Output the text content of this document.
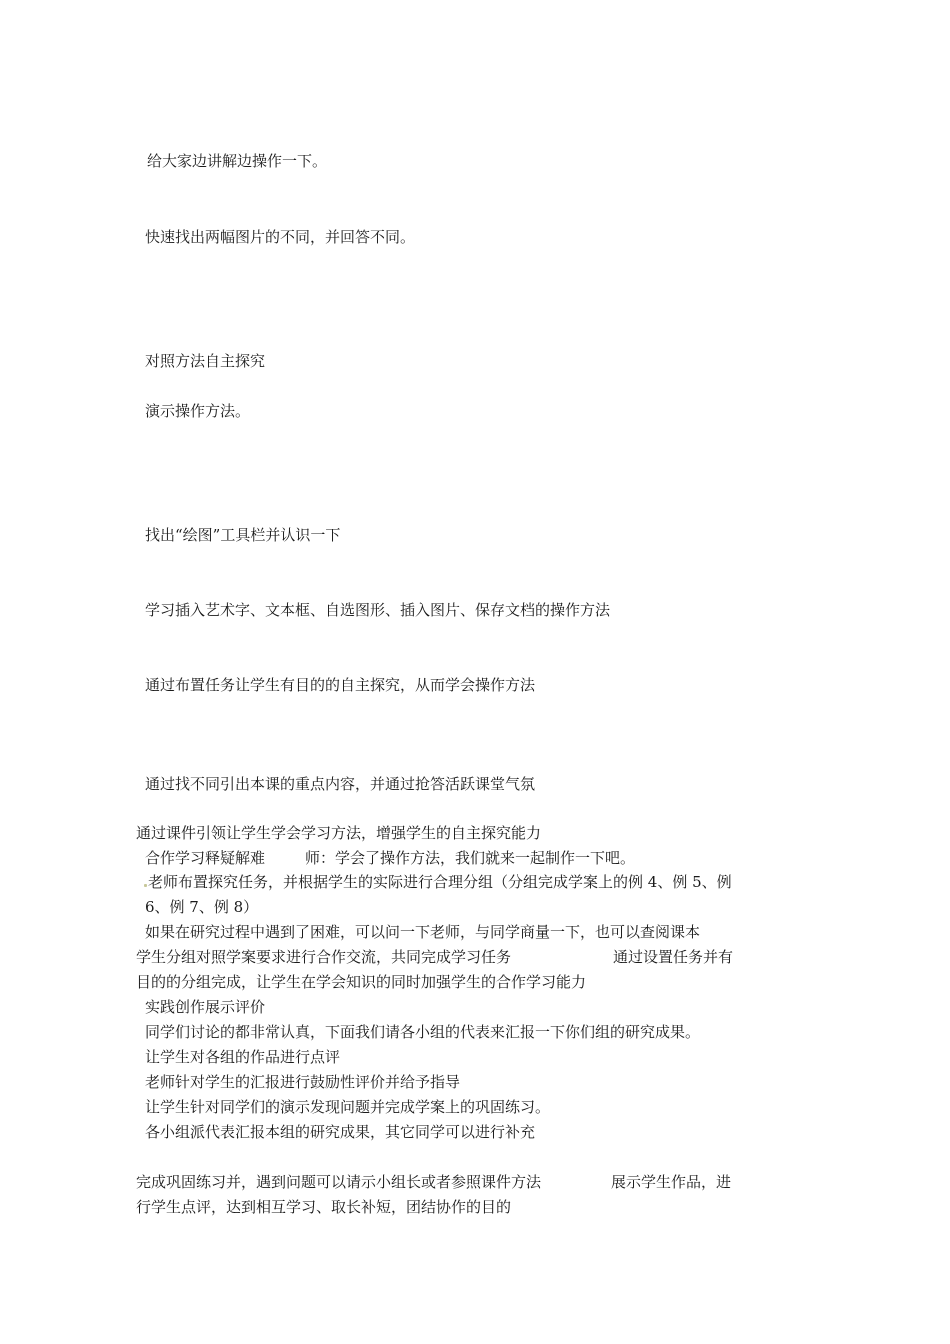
给大家边讲解边操作一下。
快速找出两幅图片的不同，并回答不同。
对照方法自主探究
演示操作方法。
找出“绘图”工具栏并认识一下
学习插入艺术字、文本框、自选图形、插入图片、保存文档的操作方法
通过布置任务让学生有目的的自主探究，从而学会操作方法
通过找不同引出本课的重点内容，并通过抢答活跃课堂气氛
通过课件引领让学生学会学习方法，增强学生的自主探究能力
合作学习释疑解难	师：学会了操作方法，我们就来一起制作一下吧。
老师布置探究任务，并根据学生的实际进行合理分组（分组完成学案上的例 4、例 5、例
6、例 7、例 8）
如果在研究过程中遇到了困难，可以问一下老师，与同学商量一下，也可以查阅课本
学生分组对照学案要求进行合作交流，共同完成学习任务	通过设置任务并有
目的的分组完成，让学生在学会知识的同时加强学生的合作学习能力
实践创作展示评价
同学们讨论的都非常认真，下面我们请各小组的代表来汇报一下你们组的研究成果。
让学生对各组的作品进行点评
老师针对学生的汇报进行鼓励性评价并给予指导
让学生针对同学们的演示发现问题并完成学案上的巩固练习。
各小组派代表汇报本组的研究成果，其它同学可以进行补充
完成巩固练习并，遇到问题可以请示小组长或者参照课件方法	展示学生作品，进
行学生点评，达到相互学习、取长补短，团结协作的目的
